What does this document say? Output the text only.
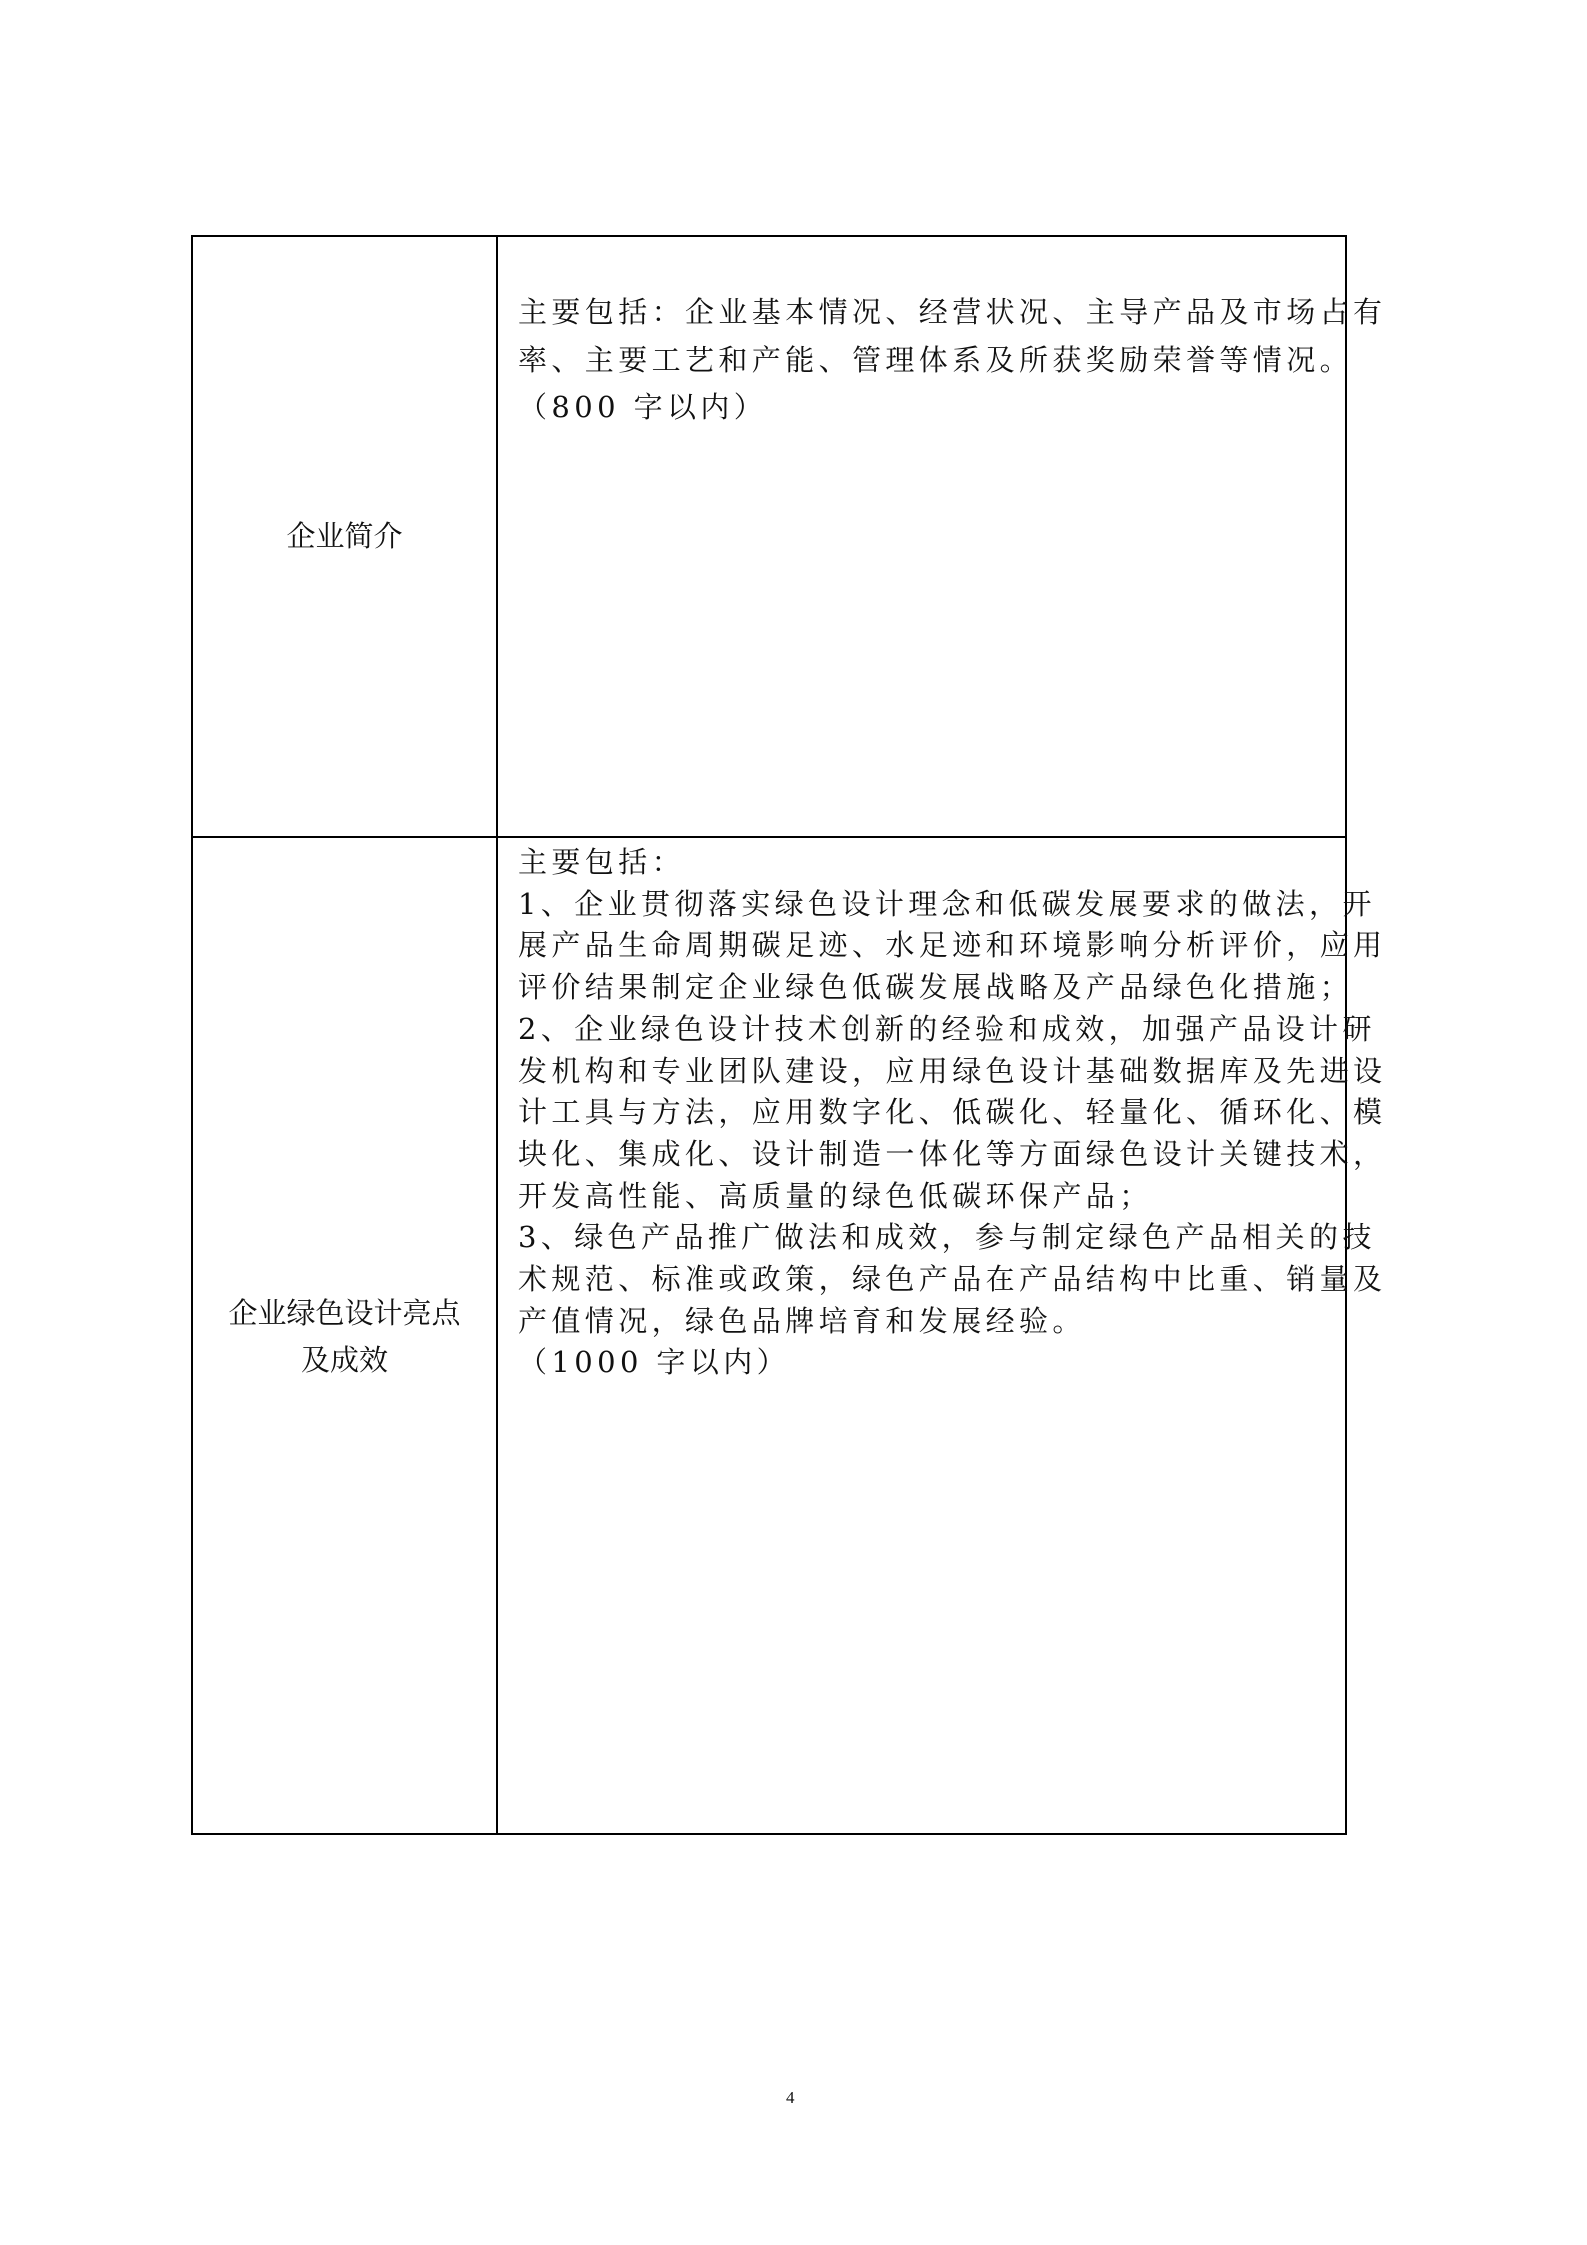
企业简介
主要包括：企业基本情况、经营状况、主导产品及市场占有
率、主要工艺和产能、管理体系及所获奖励荣誉等情况。
（800 字以内）
企业绿色设计亮点
及成效
主要包括：
1、企业贯彻落实绿色设计理念和低碳发展要求的做法，开
展产品生命周期碳足迹、水足迹和环境影响分析评价，应用
评价结果制定企业绿色低碳发展战略及产品绿色化措施；
2、企业绿色设计技术创新的经验和成效，加强产品设计研
发机构和专业团队建设，应用绿色设计基础数据库及先进设
计工具与方法，应用数字化、低碳化、轻量化、循环化、模
块化、集成化、设计制造一体化等方面绿色设计关键技术，
开发高性能、高质量的绿色低碳环保产品；
3、绿色产品推广做法和成效，参与制定绿色产品相关的技
术规范、标准或政策，绿色产品在产品结构中比重、销量及
产值情况，绿色品牌培育和发展经验。
（1000 字以内）
4
